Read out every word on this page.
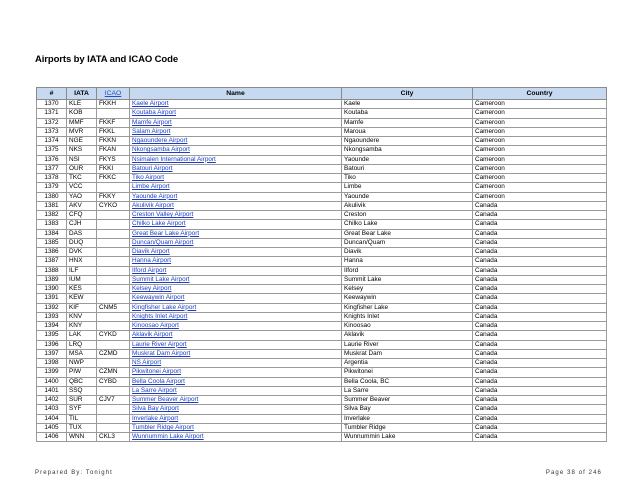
Airports by IATA and ICAO Code
#	IATA	ICAO	Name	City	Country
1370	KLE	FKKH	Kaele Airport	Kaele	Cameroon
1371	KOB		Koutaba Airport	Koutaba	Cameroon
1372	MMF	FKKF	Mamfe Airport	Mamfe	Cameroon
1373	MVR	FKKL	Salam Airport	Maroua	Cameroon
1374	NGE	FKKN	Ngaoundere Airport	Ngaoundere	Cameroon
1375	NKS	FKAN	Nkongsamba Airport	Nkongsamba	Cameroon
1376	NSI	FKYS	Nsimalen International Airport	Yaounde	Cameroon
1377	OUR	FKKI	Batouri Airport	Batouri	Cameroon
1378	TKC	FKKC	Tiko Airport	Tiko	Cameroon
1379	VCC		Limbe Airport	Limbe	Cameroon
1380	YAO	FKKY	Yaounde Airport	Yaounde	Cameroon
1381	AKV	CYKO	Akulivik Airport	Akulivik	Canada
1382	CFQ		Creston Valley Airport	Creston	Canada
1383	CJH		Chilko Lake Airport	Chilko Lake	Canada
1384	DAS		Great Bear Lake Airport	Great Bear Lake	Canada
1385	DUQ		Duncan/Quam Airport	Duncan/Quam	Canada
1386	DVK		Diavik Airport	Diavik	Canada
1387	HNX		Hanna Airport	Hanna	Canada
1388	ILF		Ilford Airport	Ilford	Canada
1389	IUM		Summit Lake Airport	Summit Lake	Canada
1390	KES		Kelsey Airport	Kelsey	Canada
1391	KEW		Keewaywin Airport	Keewaywin	Canada
1392	KIF	CNM5	Kingfisher Lake Airport	Kingfisher Lake	Canada
1393	KNV		Knights Inlet Airport	Knights Inlet	Canada
1394	KNY		Kinoosao Airport	Kinoosao	Canada
1395	LAK	CYKD	Aklavik Airport	Aklavik	Canada
1396	LRQ		Laurie River Airport	Laurie River	Canada
1397	MSA	CZMD	Muskrat Dam Airport	Muskrat Dam	Canada
1398	NWP		NS Airport	Argentia	Canada
1399	PIW	CZMN	Pikwitonei Airport	Pikwitonei	Canada
1400	QBC	CYBD	Bella Coola Airport	Bella Coola, BC	Canada
1401	SSQ		La Sarre Airport	La Sarre	Canada
1402	SUR	CJV7	Summer Beaver Airport	Summer Beaver	Canada
1403	SYF		Silva Bay Airport	Silva Bay	Canada
1404	TIL		Inverlake Airport	Inverlake	Canada
1405	TUX		Tumbler Ridge Airport	Tumbler Ridge	Canada
1406	WNN	CKL3	Wunnummin Lake Airport	Wunnummin Lake	Canada
Prepared By: Tonight	Page 38 of 246
